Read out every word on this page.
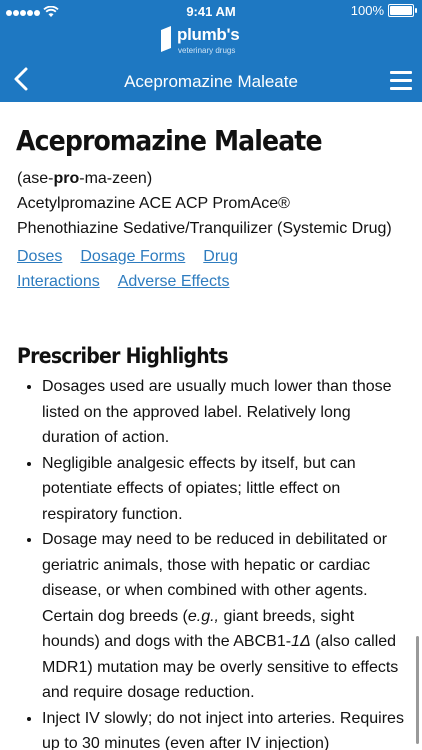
9:41 AM	100%
plumb's
veterinary drugs
Acepromazine Maleate
Acepromazine Maleate
(ase-pro-ma-zeen)
Acetylpromazine ACE ACP PromAce®
Phenothiazine Sedative/Tranquilizer (Systemic Drug)
Doses Dosage Forms Drug Interactions Adverse Effects
Prescriber Highlights
• Dosages used are usually much lower than those listed on the approved label. Relatively long duration of action.
• Negligible analgesic effects by itself, but can potentiate effects of opiates; little effect on respiratory function.
• Dosage may need to be reduced in debilitated or geriatric animals, those with hepatic or cardiac disease, or when combined with other agents. Certain dog breeds (e.g., giant breeds, sight hounds) and dogs with the ABCB1-1Δ (also called MDR1) mutation may be overly sensitive to effects and require dosage reduction.
• Inject IV slowly; do not inject into arteries. Requires up to 30 minutes (even after IV injection)
